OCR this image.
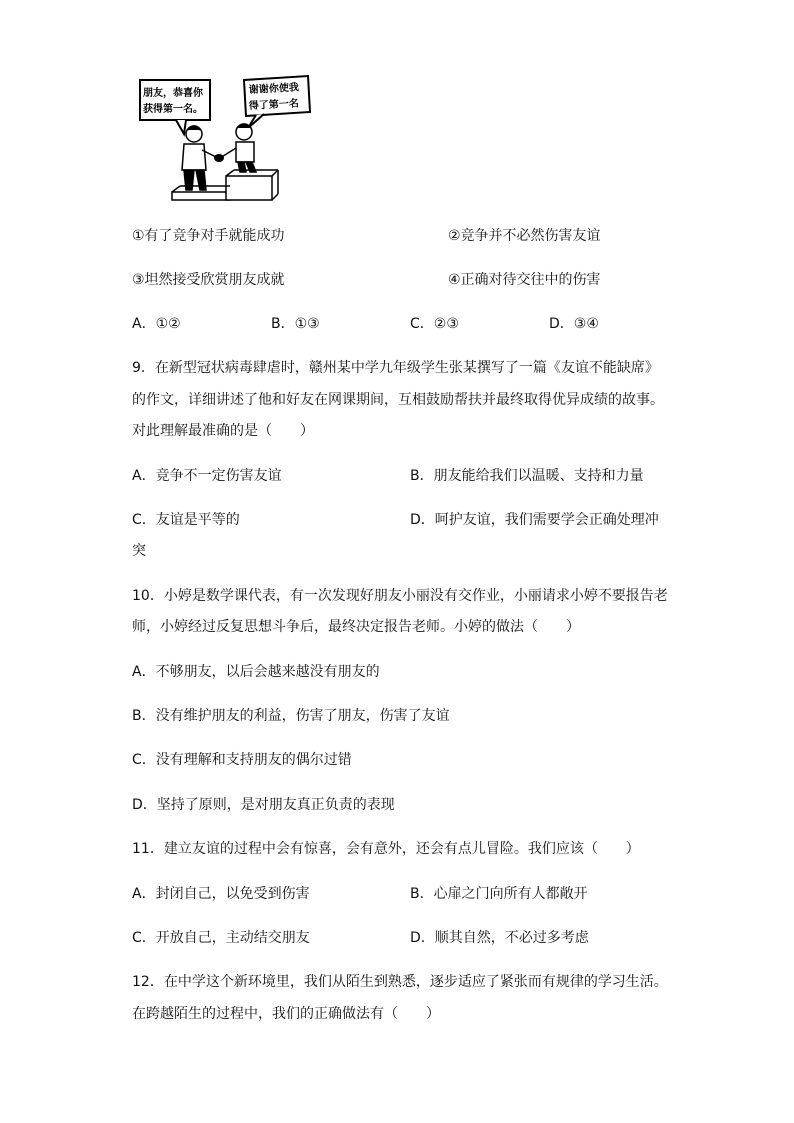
朋友，恭喜你
获得第一名。
谢谢你使我
得了第一名
①有了竞争对手就能成功	②竞争并不必然伤害友谊
③坦然接受欣赏朋友成就	④正确对待交往中的伤害
A．①②	B．①③	C．②③	D．③④
9．在新型冠状病毒肆虐时，赣州某中学九年级学生张某撰写了一篇《友谊不能缺席》
的作文，详细讲述了他和好友在网课期间，互相鼓励帮扶并最终取得优异成绩的故事。
对此理解最准确的是（　　）
A．竞争不一定伤害友谊	B．朋友能给我们以温暖、支持和力量
C．友谊是平等的	D．呵护友谊，我们需要学会正确处理冲
突
10．小婷是数学课代表，有一次发现好朋友小丽没有交作业，小丽请求小婷不要报告老
师，小婷经过反复思想斗争后，最终决定报告老师。小婷的做法（　　）
A．不够朋友，以后会越来越没有朋友的
B．没有维护朋友的利益，伤害了朋友，伤害了友谊
C．没有理解和支持朋友的偶尔过错
D．坚持了原则，是对朋友真正负责的表现
11．建立友谊的过程中会有惊喜，会有意外，还会有点儿冒险。我们应该（　　）
A．封闭自己，以免受到伤害	B．心扉之门向所有人都敞开
C．开放自己，主动结交朋友	D．顺其自然，不必过多考虑
12．在中学这个新环境里，我们从陌生到熟悉，逐步适应了紧张而有规律的学习生活。
在跨越陌生的过程中，我们的正确做法有（　　）
